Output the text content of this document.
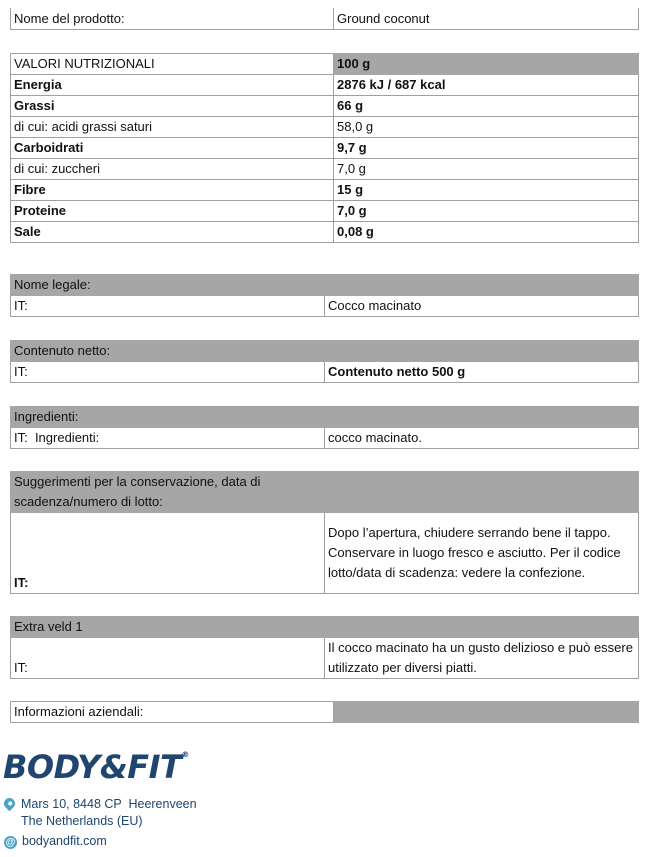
Nome del prodotto:	Ground coconut
VALORI NUTRIZIONALI	100 g
Energia	2876 kJ / 687 kcal
Grassi	66 g
di cui: acidi grassi saturi	58,0 g
Carboidrati	9,7 g
di cui: zuccheri	7,0 g
Fibre	15 g
Proteine	7,0 g
Sale	0,08 g
Nome legale:
IT:	Cocco macinato
Contenuto netto:
IT:	Contenuto netto 500 g
Ingredienti:
IT:  Ingredienti:	cocco macinato.
Suggerimenti per la conservazione, data di
scadenza/numero di lotto:

IT:	Dopo l’apertura, chiudere serrando bene il tappo. Conservare in luogo fresco e asciutto. Per il codice lotto/data di scadenza: vedere la confezione.
Extra veld 1
IT:	Il cocco macinato ha un gusto delizioso e può essere utilizzato per diversi piatti.
Informazioni aziendali:	
BODY&FIT®
Mars 10, 8448 CP  Heerenveen
The Netherlands (EU)
@ bodyandfit.com
